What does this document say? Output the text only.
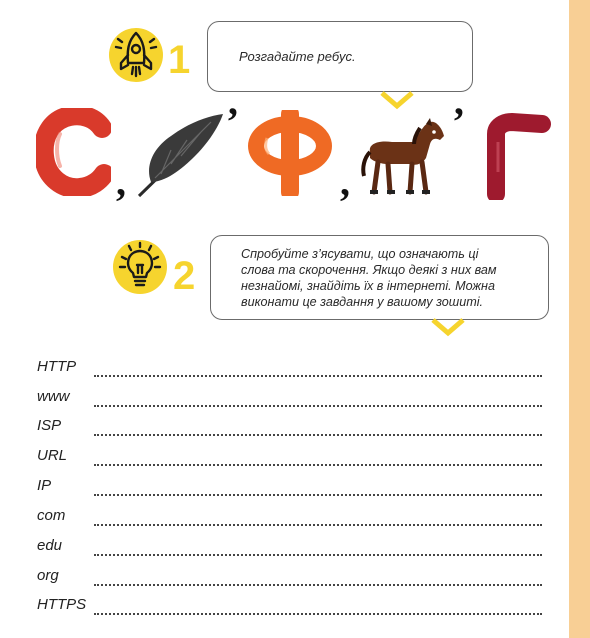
1	Розгадайте ребус.
,
’
,
’
2	Спробуйте з’ясувати, що означають ці
слова та скорочення. Якщо деякі з них вам
незнайомі, знайдіть їх в інтернеті. Можна
виконати це завдання у вашому зошиті.
HTTP
www
ISP
URL
IP
com
edu
org
HTTPS
